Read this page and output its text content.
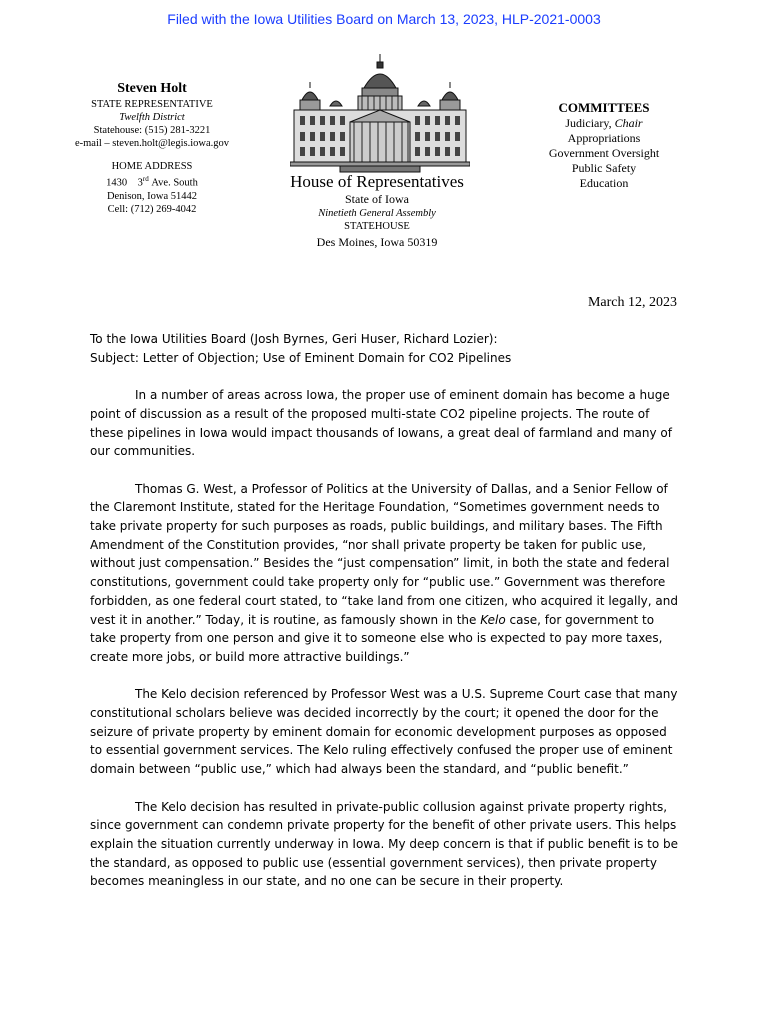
Filed with the Iowa Utilities Board on March 13, 2023, HLP-2021-0003
Steven Holt
STATE REPRESENTATIVE
Twelfth District
Statehouse: (515) 281-3221
e-mail – steven.holt@legis.iowa.gov
HOME ADDRESS
1430 3rd Ave. South
Denison, Iowa 51442
Cell: (712) 269-4042
House of Representatives
State of Iowa
Ninetieth General Assembly
STATEHOUSE
Des Moines, Iowa 50319
COMMITTEES
Judiciary, Chair
Appropriations
Government Oversight
Public Safety
Education
March 12, 2023

To the Iowa Utilities Board (Josh Byrnes, Geri Huser, Richard Lozier):

Subject: Letter of Objection; Use of Eminent Domain for CO2 Pipelines

In a number of areas across Iowa, the proper use of eminent domain has become a huge point of discussion as a result of the proposed multi-state CO2 pipeline projects. The route of these pipelines in Iowa would impact thousands of Iowans, a great deal of farmland and many of our communities.

Thomas G. West, a Professor of Politics at the University of Dallas, and a Senior Fellow of the Claremont Institute, stated for the Heritage Foundation, “Sometimes government needs to take private property for such purposes as roads, public buildings, and military bases. The Fifth Amendment of the Constitution provides, “nor shall private property be taken for public use, without just compensation.” Besides the “just compensation” limit, in both the state and federal constitutions, government could take property only for “public use.” Government was therefore forbidden, as one federal court stated, to “take land from one citizen, who acquired it legally, and vest it in another.” Today, it is routine, as famously shown in the Kelo case, for government to take property from one person and give it to someone else who is expected to pay more taxes, create more jobs, or build more attractive buildings.”

The Kelo decision referenced by Professor West was a U.S. Supreme Court case that many constitutional scholars believe was decided incorrectly by the court; it opened the door for the seizure of private property by eminent domain for economic development purposes as opposed to essential government services. The Kelo ruling effectively confused the proper use of eminent domain between “public use,” which had always been the standard, and “public benefit.”

The Kelo decision has resulted in private-public collusion against private property rights, since government can condemn private property for the benefit of other private users. This helps explain the situation currently underway in Iowa. My deep concern is that if public benefit is to be the standard, as opposed to public use (essential government services), then private property becomes meaningless in our state, and no one can be secure in their property.
